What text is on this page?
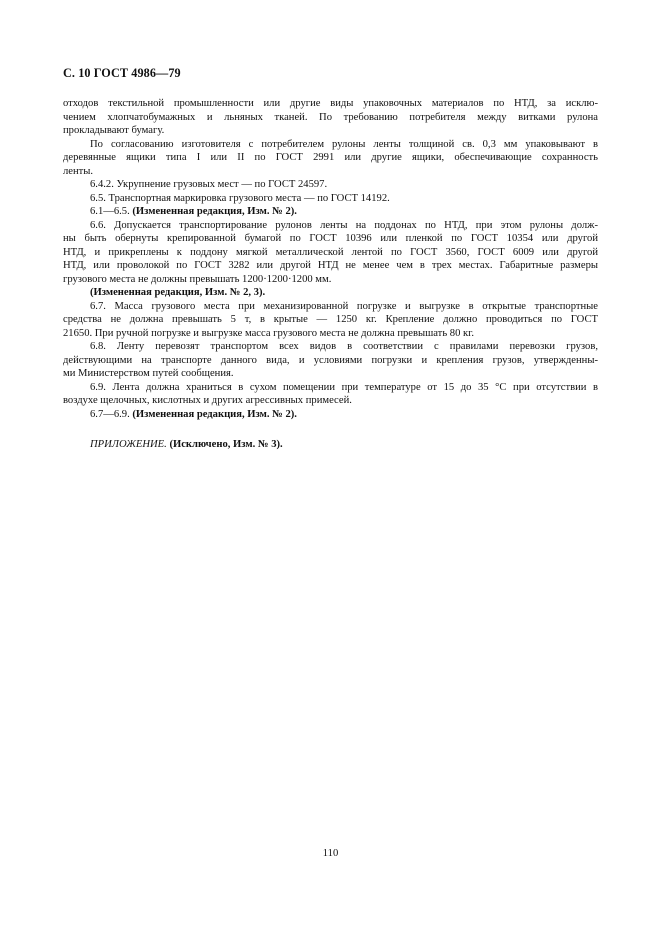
С. 10 ГОСТ 4986—79

отходов текстильной промышленности или другие виды упаковочных материалов по НТД, за исклю-
чением хлопчатобумажных и льняных тканей. По требованию потребителя между витками рулона
прокладывают бумагу.

По согласованию изготовителя с потребителем рулоны ленты толщиной св. 0,3 мм упаковывают в
деревянные ящики типа I или II по ГОСТ 2991 или другие ящики, обеспечивающие сохранность
ленты.

6.4.2. Укрупнение грузовых мест — по ГОСТ 24597.

6.5. Транспортная маркировка грузового места — по ГОСТ 14192.

6.1—6.5. (Измененная редакция, Изм. № 2).

6.6. Допускается транспортирование рулонов ленты на поддонах по НТД, при этом рулоны долж-
ны быть обернуты крепированной бумагой по ГОСТ 10396 или пленкой по ГОСТ 10354 или другой
НТД, и прикреплены к поддону мягкой металлической лентой по ГОСТ 3560, ГОСТ 6009 или другой
НТД, или проволокой по ГОСТ 3282 или другой НТД не менее чем в трех местах. Габаритные размеры
грузового места не должны превышать 1200·1200·1200 мм.

(Измененная редакция, Изм. № 2, 3).

6.7. Масса грузового места при механизированной погрузке и выгрузке в открытые транспортные
средства не должна превышать 5 т, в крытые — 1250 кг. Крепление должно проводиться по ГОСТ
21650. При ручной погрузке и выгрузке масса грузового места не должна превышать 80 кг.

6.8. Ленту перевозят транспортом всех видов в соответствии с правилами перевозки грузов,
действующими на транспорте данного вида, и условиями погрузки и крепления грузов, утвержденны-
ми Министерством путей сообщения.

6.9. Лента должна храниться в сухом помещении при температуре от 15 до 35 °С при отсутствии в
воздухе щелочных, кислотных и других агрессивных примесей.

6.7—6.9. (Измененная редакция, Изм. № 2).

ПРИЛОЖЕНИЕ. (Исключено, Изм. № 3).

110
